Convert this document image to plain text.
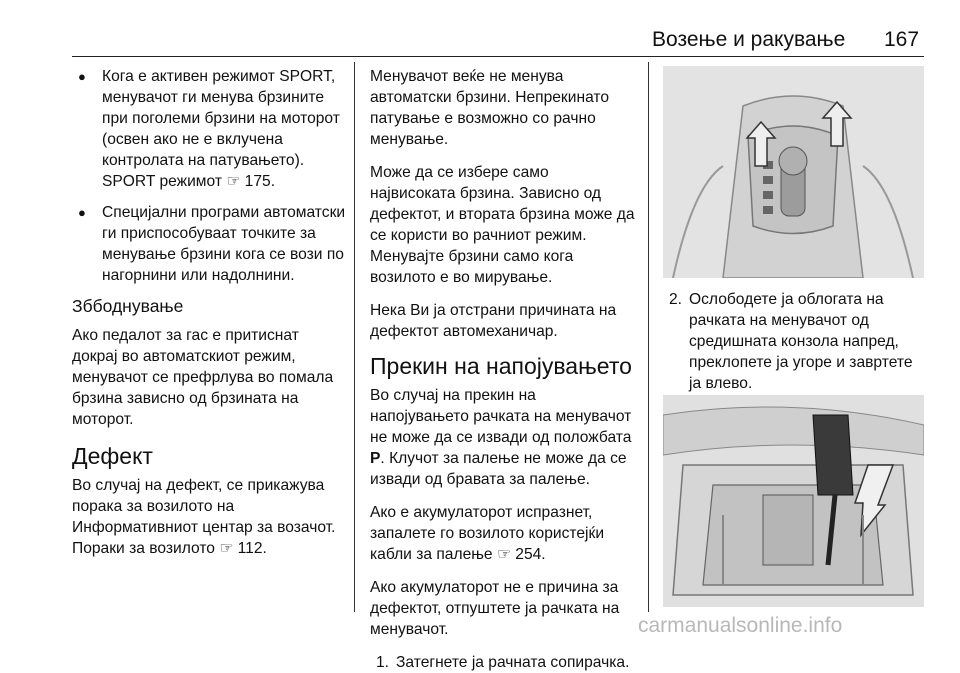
Возење и ракување 167
● Кога е активен режимот SPORT, менувачот ги менува брзините при поголеми брзини на моторот (освен ако не е вклучена контролата на патувањето). SPORT режимот ☞ 175.
● Специјални програми автоматски ги приспособуваат точките за менување брзини кога се вози по нагорнини или надолнини.
Зббоднување

Ако педалот за гас е притиснат докрај во автоматскиот режим, менувачот се префрлува во помала брзина зависно од брзината на моторот.

Дефект

Во случај на дефект, се прикажува порака за возилото на Информативниот центар за возачот. Пораки за возилото ☞ 112.

Менувачот веќе не менува автоматски брзини. Непрекинато патување е возможно со рачно менување.

Може да се избере само највисоката брзина. Зависно од дефектот, и втората брзина може да се користи во рачниот режим. Менувајте брзини само кога возилото е во мирување.

Нека Ви ја отстрани причината на дефектот автомеханичар.

Прекин на напојувањето

Во случај на прекин на напојувањето рачката на менувачот не може да се извади од положбата P. Клучот за палење не може да се извади од бравата за палење.

Ако е акумулаторот испразнет, запалете го возилото користејќи кабли за палење ☞ 254.

Ако акумулаторот не е причина за дефектот, отпуштете ја рачката на менувачот.

1. Затегнете ја рачната сопирачка.
2. Ослободете ја облогата на рачката на менувачот од средишната конзола напред, преклопете ја угоре и завртете ја влево.
carmanualsonline.info
